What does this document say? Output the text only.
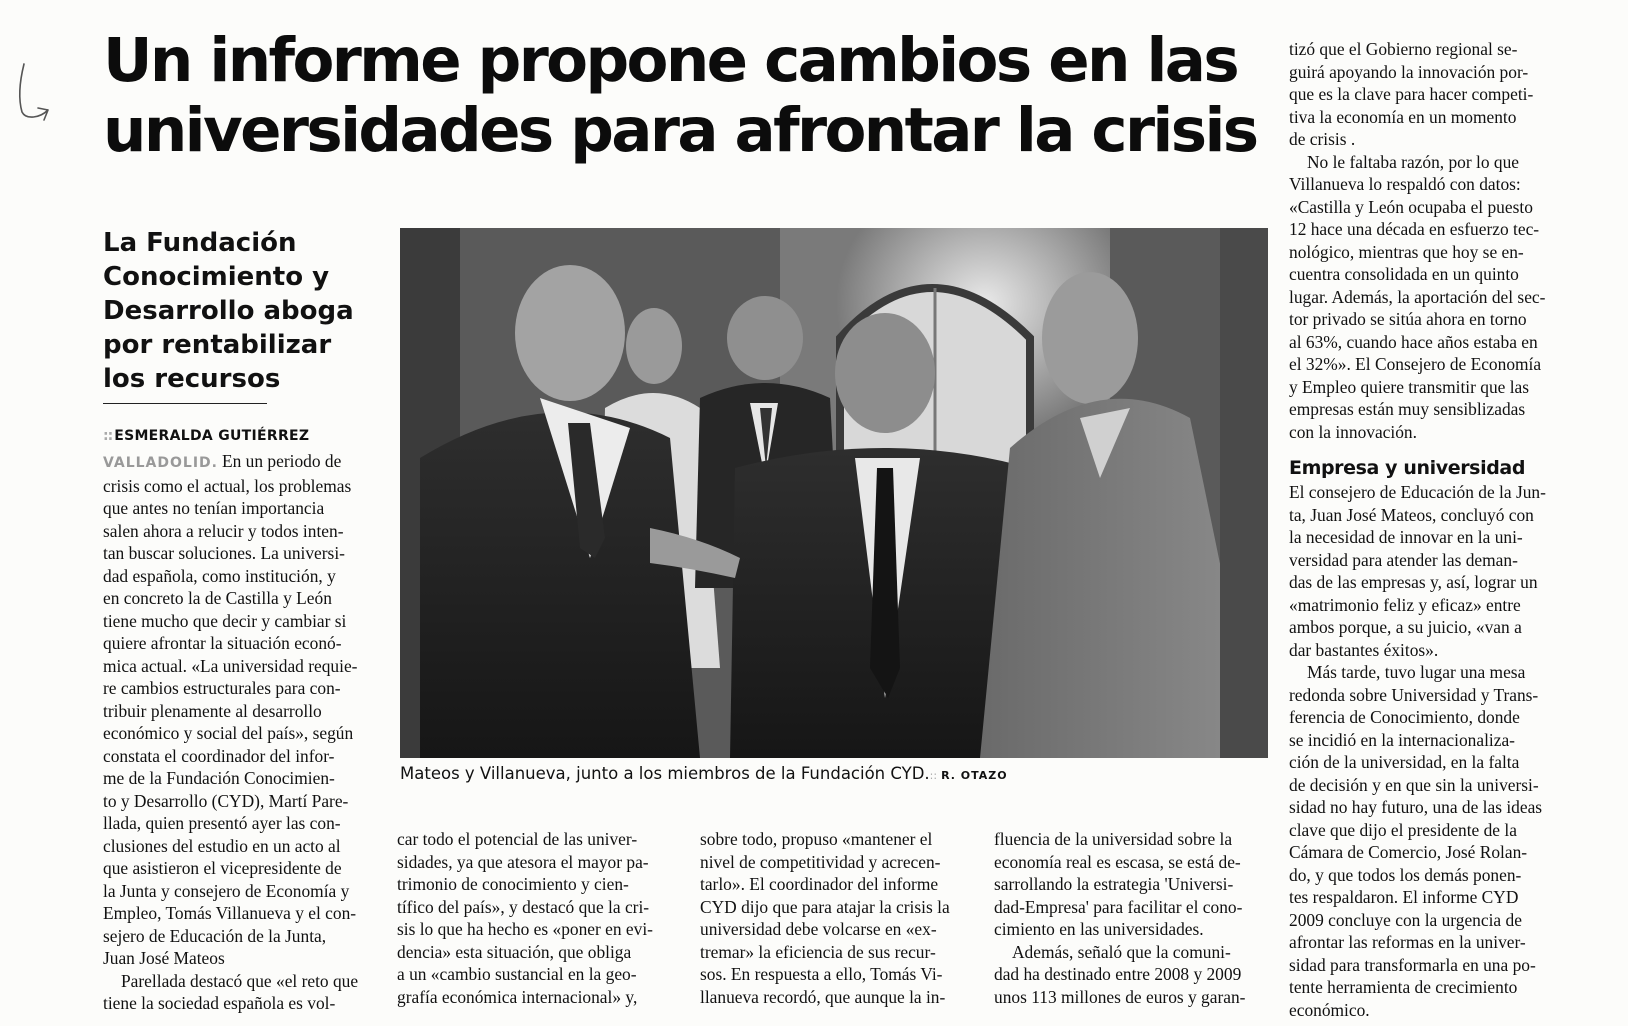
Un informe propone cambios en las
universidades para afrontar la crisis
La Fundación
Conocimiento y
Desarrollo aboga
por rentabilizar
los recursos
:: ESMERALDA GUTIÉRREZ
VALLADOLID. En un periodo de
crisis como el actual, los problemas
que antes no tenían importancia
salen ahora a relucir y todos inten-
tan buscar soluciones. La universi-
dad española, como institución, y
en concreto la de Castilla y León
tiene mucho que decir y cambiar si
quiere afrontar la situación econó-
mica actual. «La universidad requie-
re cambios estructurales para con-
tribuir plenamente al desarrollo
económico y social del país», según
constata el coordinador del infor-
me de la Fundación Conocimien-
to y Desarrollo (CYD), Martí Pare-
llada, quien presentó ayer las con-
clusiones del estudio en un acto al
que asistieron el vicepresidente de
la Junta y consejero de Economía y
Empleo, Tomás Villanueva y el con-
sejero de Educación de la Junta,
Juan José Mateos
Parellada destacó que «el reto que
tiene la sociedad española es vol-
Mateos y Villanueva, junto a los miembros de la Fundación CYD.:: R. OTAZO
car todo el potencial de las univer-
sidades, ya que atesora el mayor pa-
trimonio de conocimiento y cien-
tífico del país», y destacó que la cri-
sis lo que ha hecho es «poner en evi-
dencia» esta situación, que obliga
a un «cambio sustancial en la geo-
grafía económica internacional» y,
sobre todo, propuso «mantener el
nivel de competitividad y acrecen-
tarlo». El coordinador del informe
CYD dijo que para atajar la crisis la
universidad debe volcarse en «ex-
tremar» la eficiencia de sus recur-
sos. En respuesta a ello, Tomás Vi-
llanueva recordó, que aunque la in-
fluencia de la universidad sobre la
economía real es escasa, se está de-
sarrollando la estrategia 'Universi-
dad-Empresa' para facilitar el cono-
cimiento en las universidades.
Además, señaló que la comuni-
dad ha destinado entre 2008 y 2009
unos 113 millones de euros y garan-
tizó que el Gobierno regional se-
guirá apoyando la innovación por-
que es la clave para hacer competi-
tiva la economía en un momento
de crisis .
No le faltaba razón, por lo que
Villanueva lo respaldó con datos:
«Castilla y León ocupaba el puesto
12 hace una década en esfuerzo tec-
nológico, mientras que hoy se en-
cuentra consolidada en un quinto
lugar. Además, la aportación del sec-
tor privado se sitúa ahora en torno
al 63%, cuando hace años estaba en
el 32%». El Consejero de Economía
y Empleo quiere transmitir que las
empresas están muy sensiblizadas
con la innovación.
Empresa y universidad
El consejero de Educación de la Jun-
ta, Juan José Mateos, concluyó con
la necesidad de innovar en la uni-
versidad para atender las deman-
das de las empresas y, así, lograr un
«matrimonio feliz y eficaz» entre
ambos porque, a su juicio, «van a
dar bastantes éxitos».
Más tarde, tuvo lugar una mesa
redonda sobre Universidad y Trans-
ferencia de Conocimiento, donde
se incidió en la internacionaliza-
ción de la universidad, en la falta
de decisión y en que sin la universi-
sidad no hay futuro, una de las ideas
clave que dijo el presidente de la
Cámara de Comercio, José Rolan-
do, y que todos los demás ponen-
tes respaldaron. El informe CYD
2009 concluye con la urgencia de
afrontar las reformas en la univer-
sidad para transformarla en una po-
tente herramienta de crecimiento
económico.
